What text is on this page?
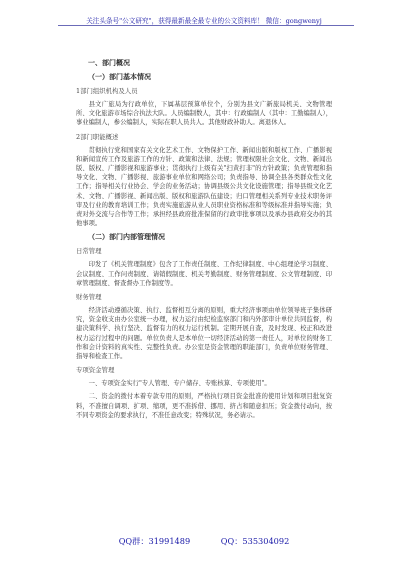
关注头条号"公文研究"，获得最新最全最专业的公文资料库！ 微信：gongwenyj
一、部门概况
（一）部门基本情况
1部门组织机构及人员

县文广旅局为行政单位，下属基层预算单位个，分别为县文广新旅局机关、文物管理所、文化旅游市场综合执法大队。人员编制数人，其中：行政编制人（其中：工勤编制人），事业编制人，参公编制人，实际在职人员共人。其他财政补助人。离退休人。

2部门职能概述

贯彻执行党和国家有关文化艺术工作、文物保护工作、新闻出版和版权工作、广播影视和新闻宣传工作及旅游工作的方针、政策和法律、法规；管理权限社会文化、文物、新闻出版、版权、广播影视和旅游事业；贯彻执行上级有关"扫黄打非"的方针政策；负责管理和指导文化、文物、广播影视、旅游事业单位和网络公司；负责指导、协调全县各类群众性文化工作；指导相关行业协会、学会的业务活动；协调县级公共文化设施管理；指导县级文化艺术、文物、广播影视、新闻出版、版权和旅游队伍建设；归口管理相关系列专业技术职务评审及行业的教育培训工作；负责实施旅游从业人员职业资格标准和等级标准并指导实施；负责对外交流与合作等工作；承担经县政府批准保留的行政审批事项以及承办县政府交办的其他事项。

（二）部门内部管理情况
日常管理

印发了《机关管理制度》包含了工作责任制度、工作纪律制度、中心组理论学习制度、会议制度、工作问责制度、请销假制度、机关考勤制度、财务管理制度、公文管理制度、印章管理制度、督查督办工作制度等。

财务管理

经济活动遵循决策、执行、监督相互分离的原则，重大经济事项由单位领导班子集体研究，资金收支由办公室统一办理，权力运行由纪检监察部门和内外部审计单位共同监督，构建决策科学、执行坚决、监督有力的权力运行机制。定期开展自查，及时发现、校正和改进权力运行过程中的问题。单位负责人是本单位一切经济活动的第一责任人，对单位的财务工作和会计资料的真实性、完整性负责。办公室是资金管理的职能部门，负责单位财务管理、指导和检查工作。

专项资金管理

一、专项资金实行"专人管理、专户储存、专账核算、专项使用"。

二、资金的拨付本着专款专用的原则，严格执行项目资金批准的使用计划和项目批复资料，不准擅自调项、扩项、缩项，更不准拆借、挪用、挤占和随意扣压；资金拨付动向，按不同专项资金的要求执行，不准任意改变；特殊状况，务必请示。

QQ群：31991489	QQ：535304092
